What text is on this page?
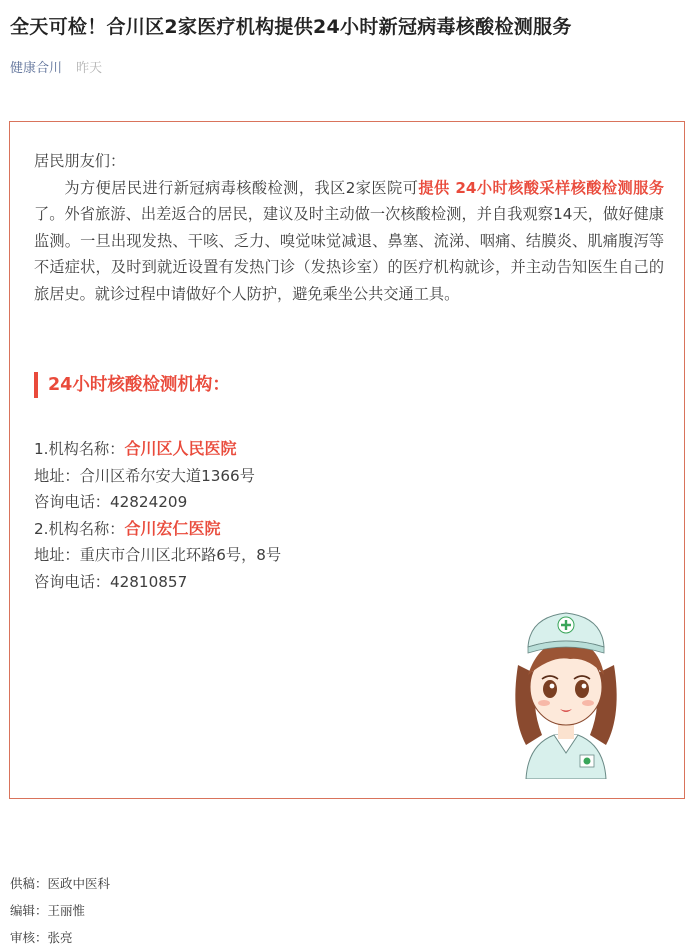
全天可检！合川区2家医疗机构提供24小时新冠病毒核酸检测服务
健康合川 昨天

居民朋友们：

为方便居民进行新冠病毒核酸检测，我区2家医院可提供 24小时核酸采样核酸检测服务了。外省旅游、出差返合的居民，建议及时主动做一次核酸检测，并自我观察14天，做好健康监测。一旦出现发热、干咳、乏力、嗅觉味觉减退、鼻塞、流涕、咽痛、结膜炎、肌痛腹泻等不适症状，及时到就近设置有发热门诊（发热诊室）的医疗机构就诊，并主动告知医生自己的旅居史。就诊过程中请做好个人防护，避免乘坐公共交通工具。

24小时核酸检测机构：
1.机构名称：合川区人民医院
地址：合川区希尔安大道1366号
咨询电话：42824209
2.机构名称：合川宏仁医院
地址：重庆市合川区北环路6号，8号
咨询电话：42810857
供稿：医政中医科
编辑：王丽惟
审核：张亮
